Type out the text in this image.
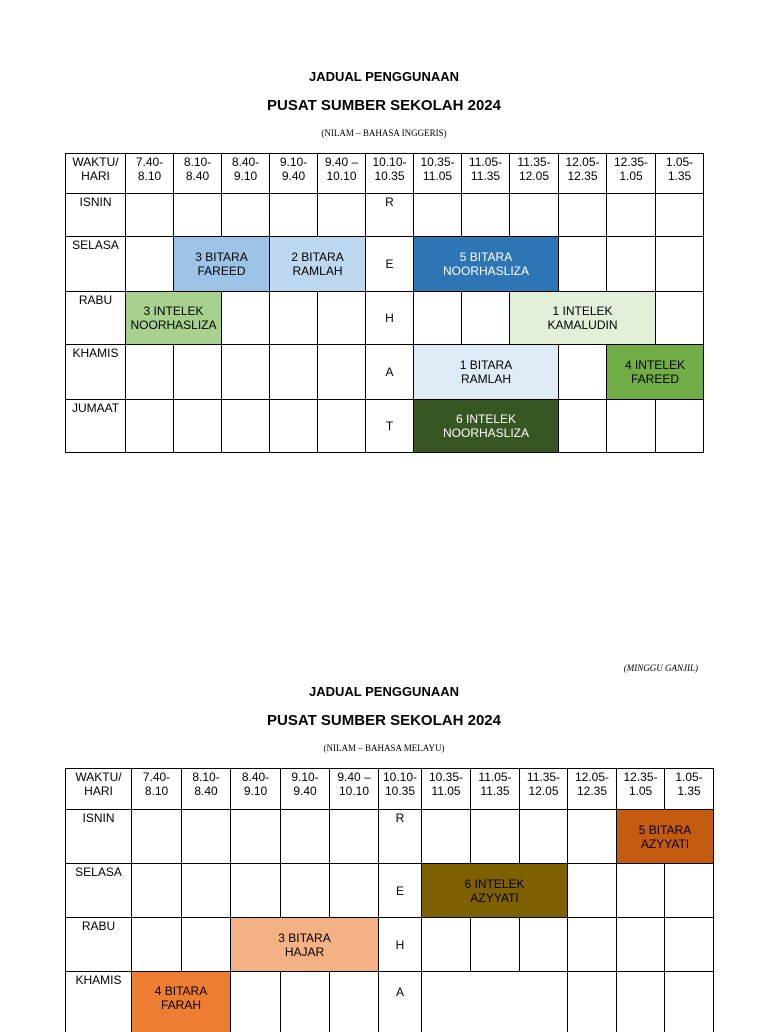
JADUAL PENGGUNAAN
PUSAT SUMBER SEKOLAH 2024
(NILAM – BAHASA INGGERIS)
WAKTU/ HARI	7.40- 8.10	8.10- 8.40	8.40- 9.10	9.10- 9.40	9.40 – 10.10	10.10- 10.35	10.35- 11.05	11.05- 11.35	11.35- 12.05	12.05- 12.35	12.35- 1.05	1.05- 1.35
ISNIN						R						
SELASA		3 BITARA FAREED		2 BITARA RAMLAH		E	5 BITARA NOORHASLIZA					
RABU	3 INTELEK NOORHASLIZA					H			1 INTELEK KAMALUDIN			
KHAMIS						A	1 BITARA RAMLAH				4 INTELEK FAREED	
JUMAAT						T	6 INTELEK NOORHASLIZA					
(MINGGU GANJIL)
JADUAL PENGGUNAAN
PUSAT SUMBER SEKOLAH 2024
(NILAM – BAHASA MELAYU)
WAKTU/ HARI	7.40- 8.10	8.10- 8.40	8.40- 9.10	9.10- 9.40	9.40 – 10.10	10.10- 10.35	10.35- 11.05	11.05- 11.35	11.35- 12.05	12.05- 12.35	12.35- 1.05	1.05- 1.35
ISNIN						R					5 BITARA AZYYATI	
SELASA						E	6 INTELEK AZYYATI					
RABU			3 BITARA HAJAR			H						
KHAMIS	4 BITARA FARAH					A						
